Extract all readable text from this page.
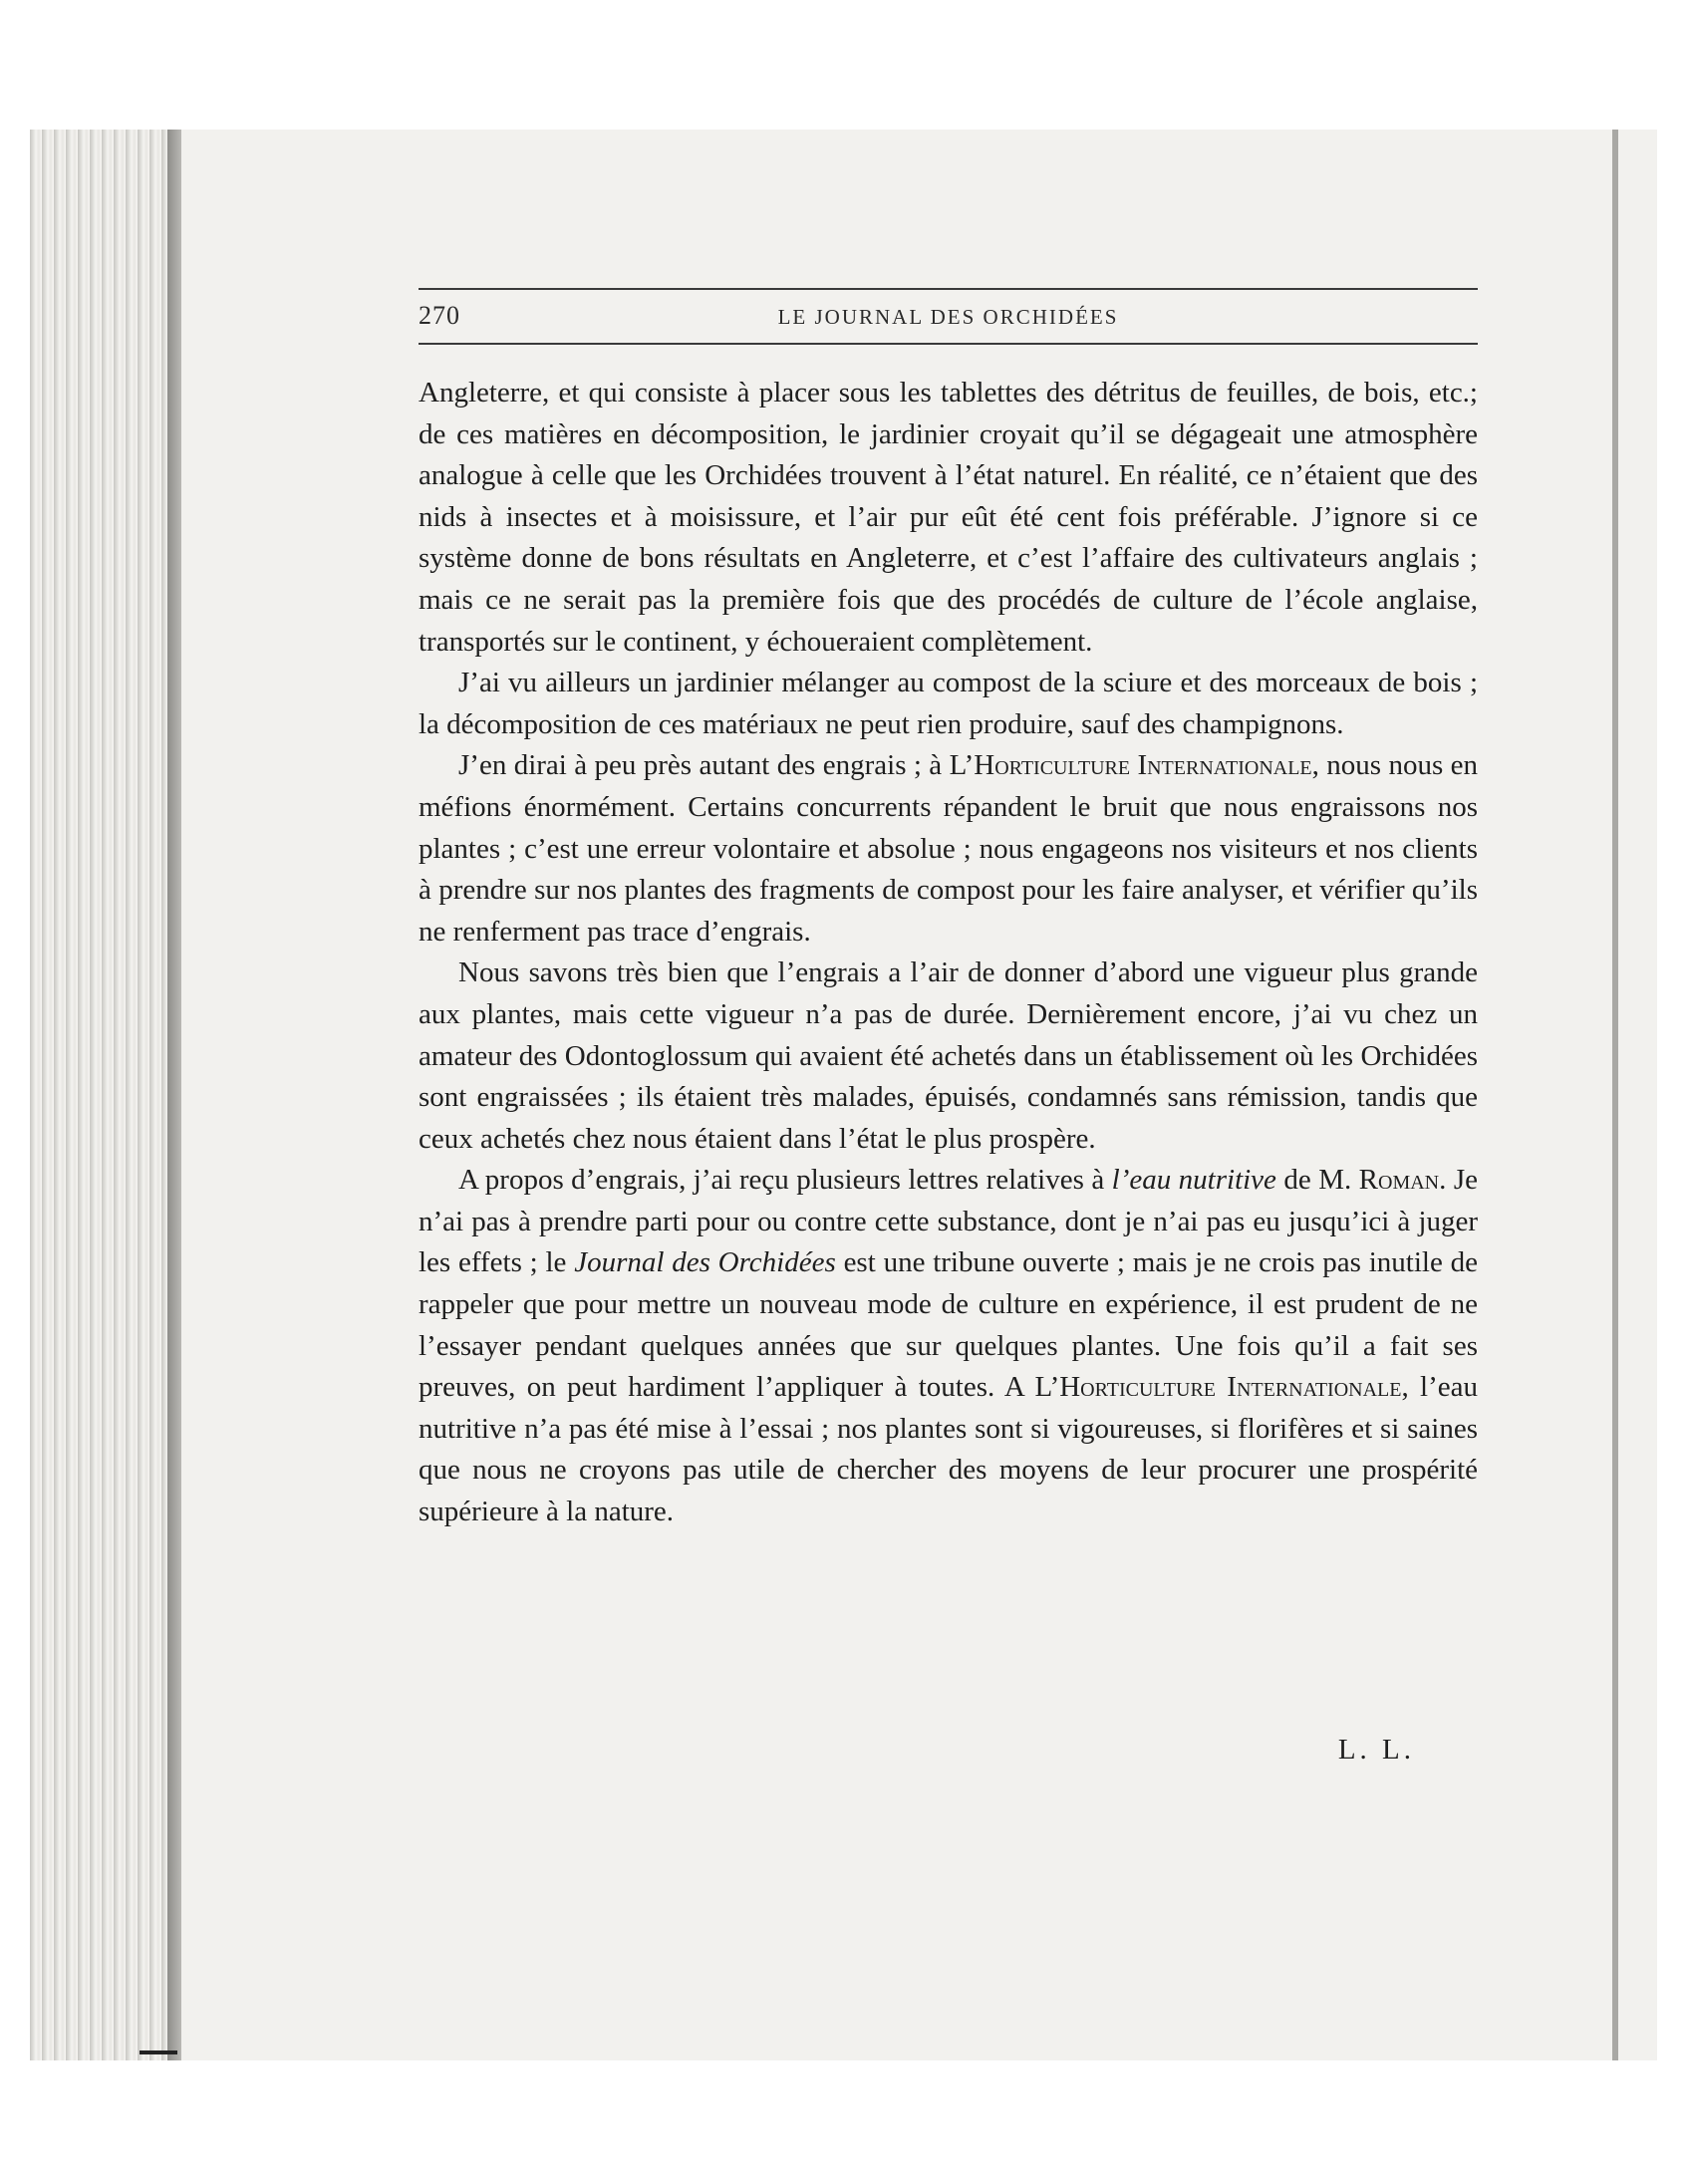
270	LE JOURNAL DES ORCHIDÉES

Angleterre, et qui consiste à placer sous les tablettes des détritus de feuilles, de bois, etc.; de ces matières en décomposition, le jardinier croyait qu’il se dégageait une atmosphère analogue à celle que les Orchidées trouvent à l’état naturel. En réalité, ce n’étaient que des nids à insectes et à moisissure, et l’air pur eût été cent fois préférable. J’ignore si ce système donne de bons résultats en Angleterre, et c’est l’affaire des cultivateurs anglais ; mais ce ne serait pas la première fois que des procédés de culture de l’école anglaise, transportés sur le continent, y échoueraient complètement.

J’ai vu ailleurs un jardinier mélanger au compost de la sciure et des morceaux de bois ; la décomposition de ces matériaux ne peut rien produire, sauf des champignons.

J’en dirai à peu près autant des engrais ; à L’Horticulture Internationale, nous nous en méfions énormément. Certains concurrents répandent le bruit que nous engraissons nos plantes ; c’est une erreur volontaire et absolue ; nous engageons nos visiteurs et nos clients à prendre sur nos plantes des fragments de compost pour les faire analyser, et vérifier qu’ils ne renferment pas trace d’engrais.

Nous savons très bien que l’engrais a l’air de donner d’abord une vigueur plus grande aux plantes, mais cette vigueur n’a pas de durée. Dernièrement encore, j’ai vu chez un amateur des Odontoglossum qui avaient été achetés dans un établissement où les Orchidées sont engraissées ; ils étaient très malades, épuisés, condamnés sans rémission, tandis que ceux achetés chez nous étaient dans l’état le plus prospère.

A propos d’engrais, j’ai reçu plusieurs lettres relatives à l’eau nutritive de M. Roman. Je n’ai pas à prendre parti pour ou contre cette substance, dont je n’ai pas eu jusqu’ici à juger les effets ; le Journal des Orchidées est une tribune ouverte ; mais je ne crois pas inutile de rappeler que pour mettre un nouveau mode de culture en expérience, il est prudent de ne l’essayer pendant quelques années que sur quelques plantes. Une fois qu’il a fait ses preuves, on peut hardiment l’appliquer à toutes. A L’Horticulture Internationale, l’eau nutritive n’a pas été mise à l’essai ; nos plantes sont si vigoureuses, si florifères et si saines que nous ne croyons pas utile de chercher des moyens de leur procurer une prospérité supérieure à la nature.

L. L.
